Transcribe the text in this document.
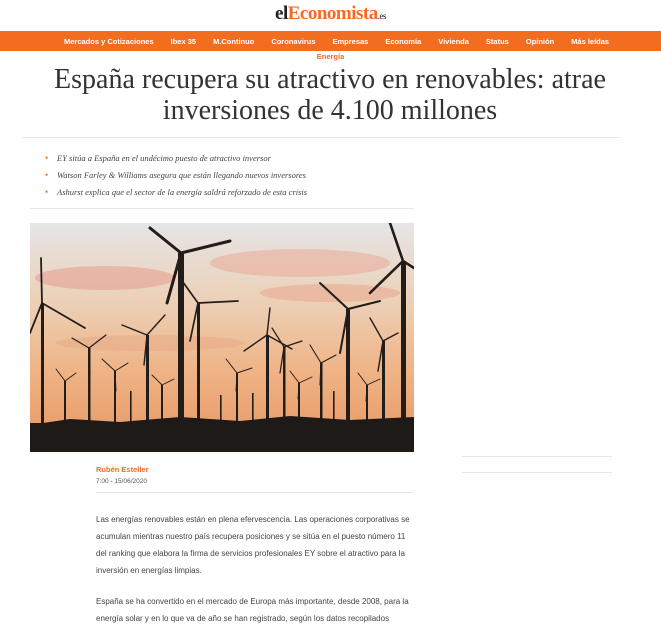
elEconomista.es
Mercados y Cotizaciones Ibex 35 M.Continuo Coronavirus Empresas Economía Vivienda Status Opinión Más leídas
Energía
España recupera su atractivo en renovables: atrae inversiones de 4.100 millones
• EY sitúa a España en el undécimo puesto de atractivo inversor
• Watson Farley & Williams asegura que están llegando nuevos inversores
• Ashurst explica que el sector de la energía saldrá reforzado de esta crisis
Rubén Esteller
7:00 - 15/06/2020

Las energías renovables están en plena efervescencia. Las operaciones corporativas se acumulan mientras nuestro país recupera posiciones y se sitúa en el puesto número 11 del ranking que elabora la firma de servicios profesionales EY sobre el atractivo para la inversión en energías limpias.

España se ha convertido en el mercado de Europa más importante, desde 2008, para la energía solar y en lo que va de año se han registrado, según los datos recopilados
